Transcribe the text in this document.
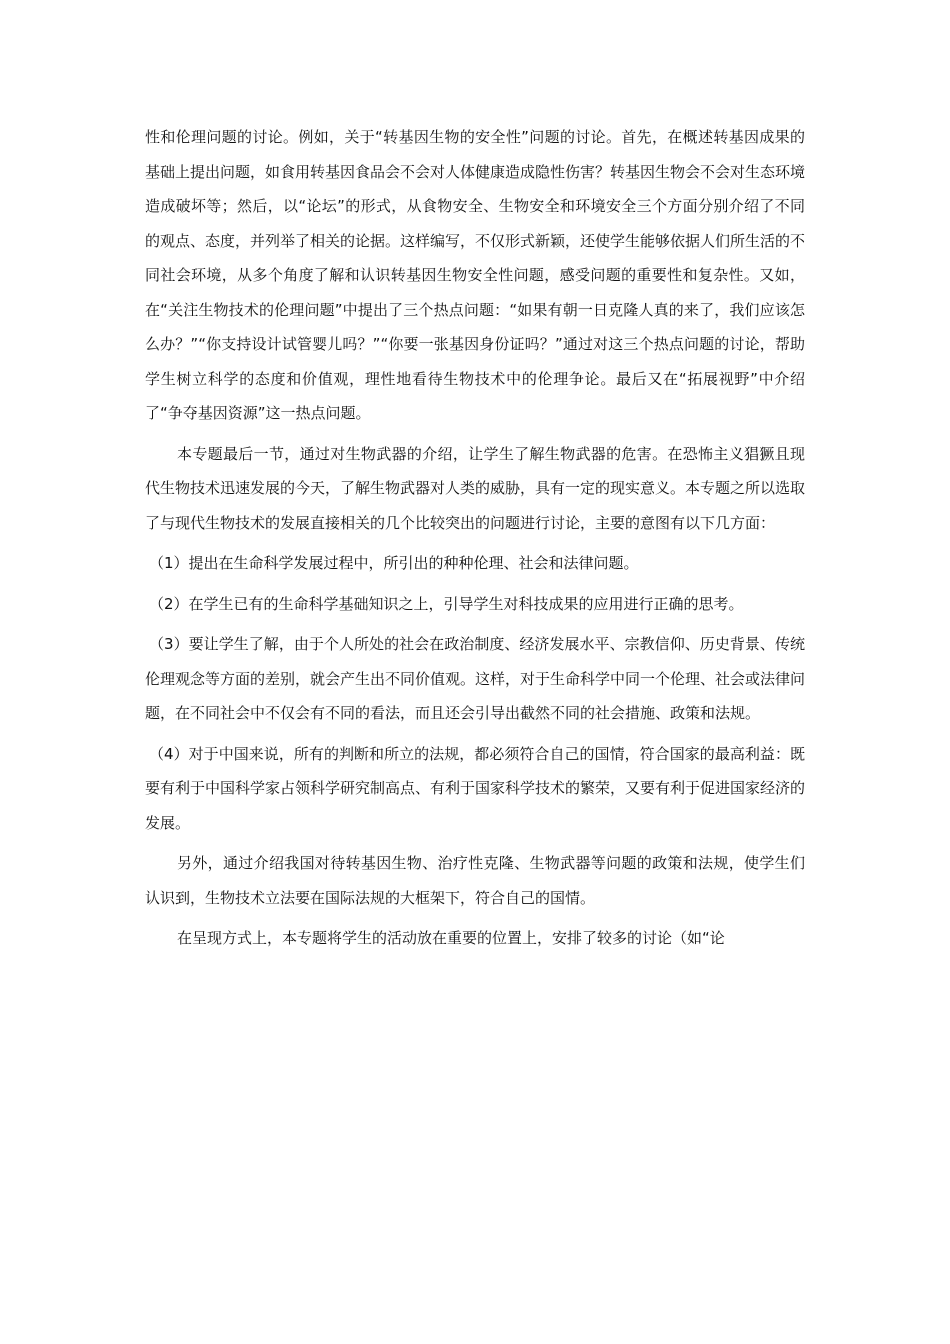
性和伦理问题的讨论。例如，关于“转基因生物的安全性”问题的讨论。首先，在概述转基因成果的基础上提出问题，如食用转基因食品会不会对人体健康造成隐性伤害？转基因生物会不会对生态环境造成破坏等；然后，以“论坛”的形式，从食物安全、生物安全和环境安全三个方面分别介绍了不同的观点、态度，并列举了相关的论据。这样编写，不仅形式新颖，还使学生能够依据人们所生活的不同社会环境，从多个角度了解和认识转基因生物安全性问题，感受问题的重要性和复杂性。又如，在“关注生物技术的伦理问题”中提出了三个热点问题：“如果有朝一日克隆人真的来了，我们应该怎么办？”“你支持设计试管婴儿吗？”“你要一张基因身份证吗？”通过对这三个热点问题的讨论，帮助学生树立科学的态度和价值观，理性地看待生物技术中的伦理争论。最后又在“拓展视野”中介绍了“争夺基因资源”这一热点问题。

本专题最后一节，通过对生物武器的介绍，让学生了解生物武器的危害。在恐怖主义猖獗且现代生物技术迅速发展的今天，了解生物武器对人类的威胁，具有一定的现实意义。本专题之所以选取了与现代生物技术的发展直接相关的几个比较突出的问题进行讨论，主要的意图有以下几方面：

（1）提出在生命科学发展过程中，所引出的种种伦理、社会和法律问题。

（2）在学生已有的生命科学基础知识之上，引导学生对科技成果的应用进行正确的思考。

（3）要让学生了解，由于个人所处的社会在政治制度、经济发展水平、宗教信仰、历史背景、传统伦理观念等方面的差别，就会产生出不同价值观。这样，对于生命科学中同一个伦理、社会或法律问题，在不同社会中不仅会有不同的看法，而且还会引导出截然不同的社会措施、政策和法规。

（4）对于中国来说，所有的判断和所立的法规，都必须符合自己的国情，符合国家的最高利益：既要有利于中国科学家占领科学研究制高点、有利于国家科学技术的繁荣，又要有利于促进国家经济的发展。

另外，通过介绍我国对待转基因生物、治疗性克隆、生物武器等问题的政策和法规，使学生们认识到，生物技术立法要在国际法规的大框架下，符合自己的国情。

在呈现方式上，本专题将学生的活动放在重要的位置上，安排了较多的讨论（如“论
